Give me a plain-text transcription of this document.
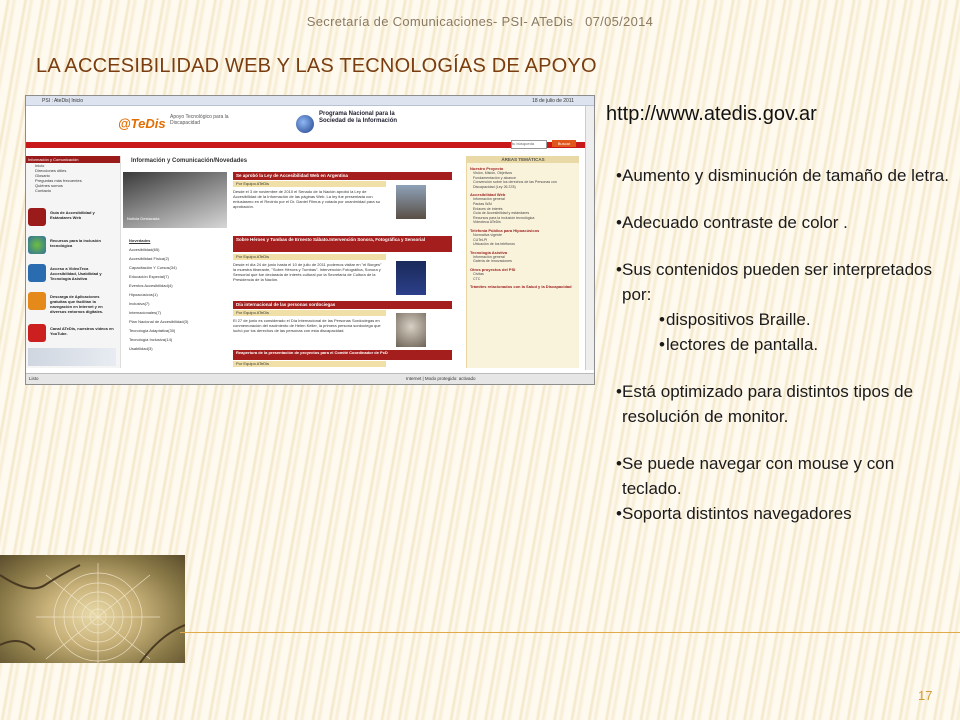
Secretaría de Comunicaciones- PSI- ATeDis 07/05/2014
LA ACCESIBILIDAD WEB Y LAS TECNOLOGÍAS DE APOYO
PSI : AteDis| Inicio	18 de julio de 2011
@TeDis Apoyo Tecnológico para la Discapacidad
Programa Nacional para la Sociedad de la Información
tu búsqueda	Buscar
Información y Comunicación
Inicio
Direcciones útiles
Glosario
Preguntas más frecuentes
Quiénes somos
Contacto
Guía de Accesibilidad y Estándares Web
Recursos para la inclusión tecnológica
Acceso a VideoTeca Accesibilidad, Usabilidad y Tecnología Asistiva
Descarga de Aplicaciones gratuitas que facilitan la navegación en Internet y en diversos entornos digitales.
Canal ATeDis, nuestros videos en YouTube.
Información y Comunicación/Novedades
Noticia Destacada
Novedades
Accesibilidad(65)
Accesibilidad Física(2)
Capacitación Y Cursos(34)
Educación Especial(7)
Eventos Accesibilidad(4)
Hipoacúsicos(1)
Inclusiva(7)
Internacionales(7)
Plan Nacional de Accesibilidad(3)
Tecnología Adaptativa(30)
Tecnología Inclusiva(14)
Usabilidad(3)
Se aprobó la Ley de Accesibilidad Web en Argentina
Por Equipo ATeDis
Desde el 3 de noviembre de 2010 el Senado de la Nación aprobó la Ley de Accesibilidad de la Información de las páginas Web. La ley fue presentada con entusiasmo en el Recinto por el Dr. Daniel Filmus y votada por unanimidad para su aprobación.
Sobre Héroes y Tumbas de Ernesto Sábato.Intervención Sonora, Fotográfica y Sensorial
Por Equipo ATeDis
Desde el día 24 de junio hasta el 10 de julio de 2011 podemos visitar en "el Borges" la muestra itinerante, "Sobre Héroes y Tumbas". Intervención Fotográfica, Sonora y Sensorial que fue declarada de interés cultural por la Secretaría de Cultura de la Presidencia de la Nación.
Día internacional de las personas sordociegas
Por Equipo ATeDis
El 27 de junio es considerado el Día Internacional de las Personas Sordociegas en conmemoración del nacimiento de Helen Keller, la primera persona sordociega que luchó por los derechos de las personas con esta discapacidad.
Reapertura de la presentación de proyectos para el Comité Coordinador de PcD
Por Equipo ATeDis
ÁREAS TEMÁTICAS
Nuestro Proyecto
Visión, Misión, Objetivos
Fundamentación y alcance
Convención sobre los derechos de las Personas con Discapacidad (Ley 26.378)
Accesibilidad Web
Información general
Pautas WAI
Enlaces de interés
Guía de Accesibilidad y estándares
Recursos para la inclusión tecnológica
Videoteca ATeDis
Telefonía Pública para Hipoacúsicos
Normativa vigente
CUTeLPi
Ubicación de los teléfonos
Tecnología Asistiva
Información general
Galería de Innovaciones
Otros proyectos del PSI
Civitas
CTC
Trámites relacionados con la Salud y la Discapacidad
Listo	Internet | Modo protegido: activado
http://www.atedis.gov.ar

• Aumento y disminución de tamaño de letra.

• Adecuado contraste de color .

• Sus contenidos pueden ser interpretados por:

• dispositivos Braille.

• lectores de pantalla.

• Está optimizado para distintos tipos de resolución de monitor.

• Se puede navegar con mouse y con teclado.

• Soporta distintos navegadores

17
